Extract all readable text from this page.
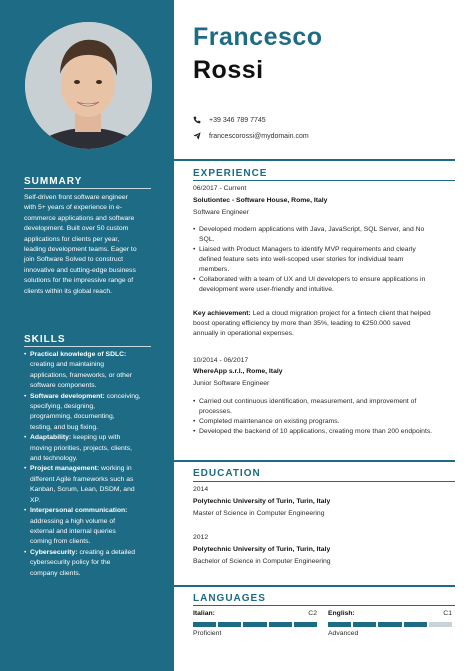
SUMMARY
Self-driven front software engineer
with 5+ years of experience in e-
commerce applications and software
development. Built over 50 custom
applications for clients per year,
leading development teams. Eager to
join Software Solved to construct
innovative and cutting-edge business
solutions for the impressive range of
clients within its global reach.
SKILLS
• Practical knowledge of SDLC:
creating and maintaining
applications, frameworks, or other
software components.
• Software development: conceiving,
specifying, designing,
programming, documenting,
testing, and bug fixing.
• Adaptability: keeping up with
moving priorities, projects, clients,
and technology.
• Project management: working in
different Agile frameworks such as
Kanban, Scrum, Lean, DSDM, and
XP.
• Interpersonal communication:
addressing a high volume of
external and internal queries
coming from clients.
• Cybersecurity: creating a detailed
cybersecurity policy for the
company clients.
Francesco
Rossi
+39 346 789 7745
francescorossi@mydomain.com
EXPERIENCE
06/2017 - Current
Solutiontec - Software House, Rome, Italy
Software Engineer
• Developed modern applications with Java, JavaScript, SQL Server, and No
SQL.
• Liaised with Product Managers to identify MVP requirements and clearly
defined feature sets into well-scoped user stories for individual team
members.
• Collaborated with a team of UX and UI developers to ensure applications in
development were user-friendly and intuitive.
Key achievement: Led a cloud migration project for a fintech client that helped
boost operating efficiency by more than 35%, leading to €250.000 saved
annually in operational expenses.
10/2014 - 06/2017
WhereApp s.r.l., Rome, Italy
Junior Software Engineer
• Carried out continuous identification, measurement, and improvement of
processes.
• Completed maintenance on existing programs.
• Developed the backend of 10 applications, creating more than 200 endpoints.
EDUCATION
2014
Polytechnic University of Turin, Turin, Italy
Master of Science in Computer Engineering
2012
Polytechnic University of Turin, Turin, Italy
Bachelor of Science in Computer Engineering
LANGUAGES
Italian:	C2
Proficient
English:	C1
Advanced
